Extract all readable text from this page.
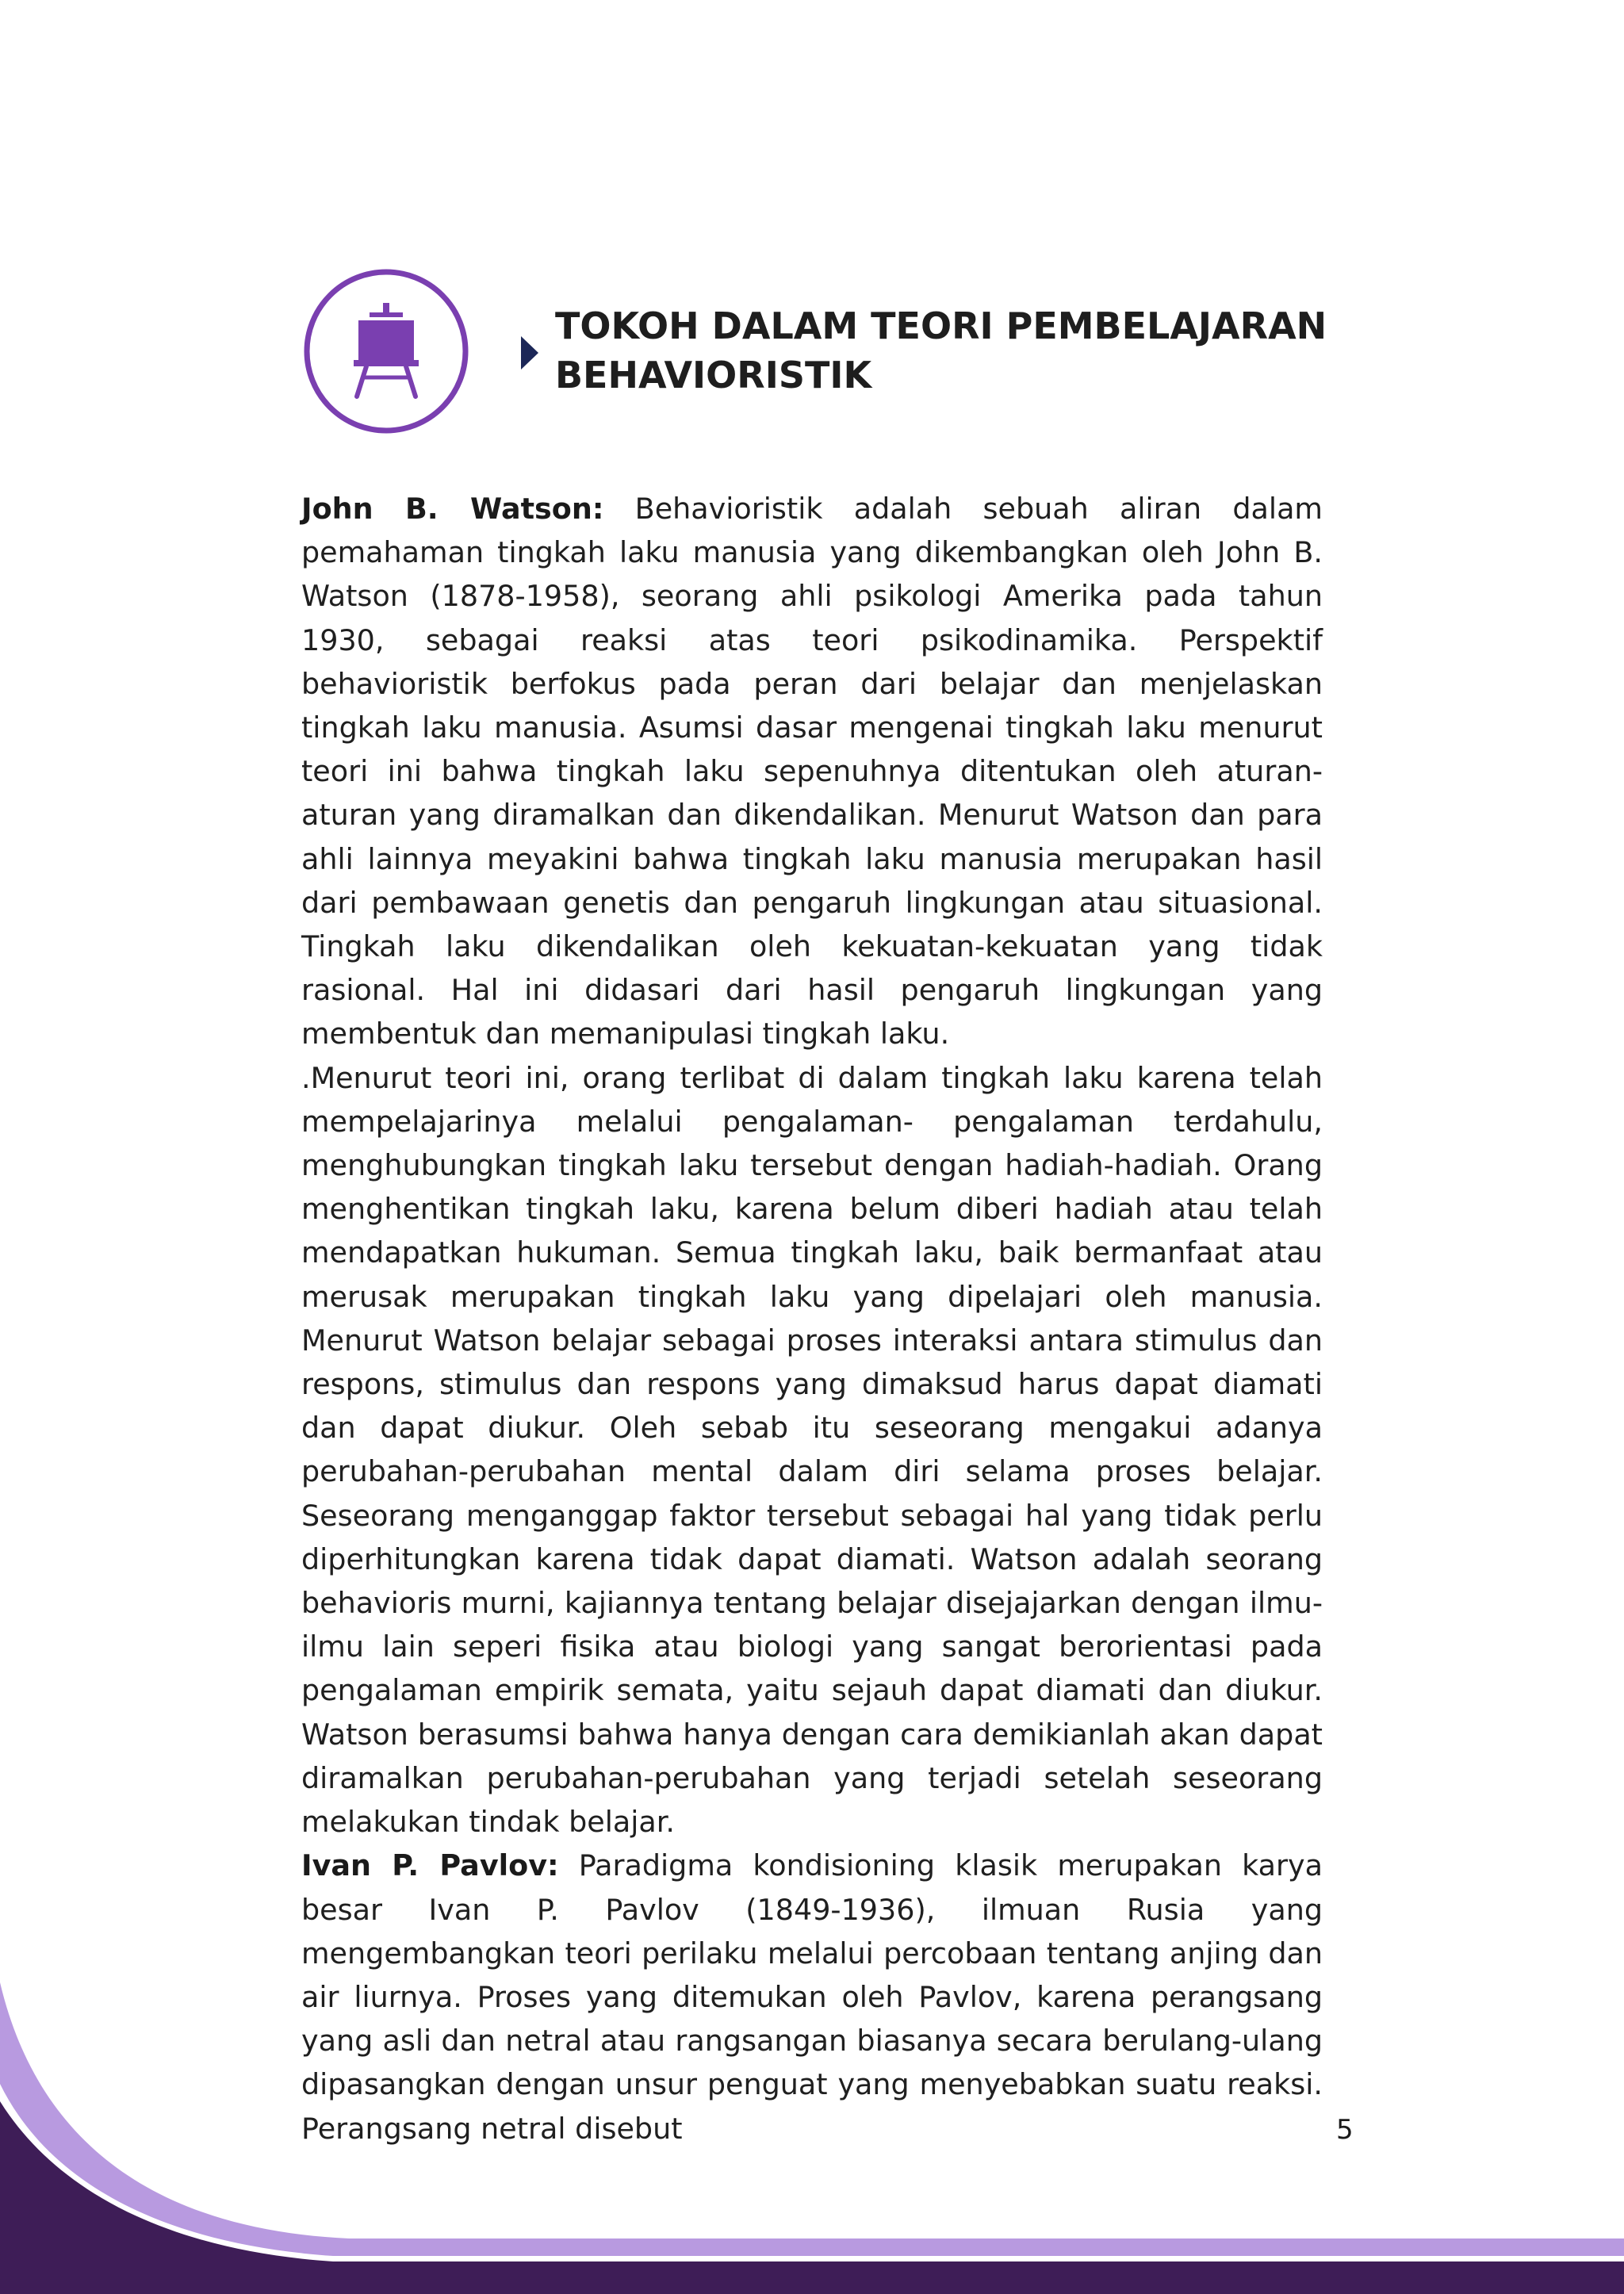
TOKOH DALAM TEORI PEMBELAJARAN
BEHAVIORISTIK

John B. Watson: Behavioristik adalah sebuah aliran dalam pemahaman tingkah laku manusia yang dikembangkan oleh John B. Watson (1878-1958), seorang ahli psikologi Amerika pada tahun 1930, sebagai reaksi atas teori psikodinamika. Perspektif behavioristik berfokus pada peran dari belajar dan menjelaskan tingkah laku manusia. Asumsi dasar mengenai tingkah laku menurut teori ini bahwa tingkah laku sepenuhnya ditentukan oleh aturan-aturan yang diramalkan dan dikendalikan. Menurut Watson dan para ahli lainnya meyakini bahwa tingkah laku manusia merupakan hasil dari pembawaan genetis dan pengaruh lingkungan atau situasional. Tingkah laku dikendalikan oleh kekuatan-kekuatan yang tidak rasional. Hal ini didasari dari hasil pengaruh lingkungan yang membentuk dan memanipulasi tingkah laku.

.Menurut teori ini, orang terlibat di dalam tingkah laku karena telah mempelajarinya melalui pengalaman- pengalaman terdahulu, menghubungkan tingkah laku tersebut dengan hadiah-hadiah. Orang menghentikan tingkah laku, karena belum diberi hadiah atau telah mendapatkan hukuman. Semua tingkah laku, baik bermanfaat atau merusak merupakan tingkah laku yang dipelajari oleh manusia. Menurut Watson belajar sebagai proses interaksi antara stimulus dan respons, stimulus dan respons yang dimaksud harus dapat diamati dan dapat diukur. Oleh sebab itu seseorang mengakui adanya perubahan-perubahan mental dalam diri selama proses belajar. Seseorang menganggap faktor tersebut sebagai hal yang tidak perlu diperhitungkan karena tidak dapat diamati. Watson adalah seorang behavioris murni, kajiannya tentang belajar disejajarkan dengan ilmu- ilmu lain seperi fisika atau biologi yang sangat berorientasi pada pengalaman empirik semata, yaitu sejauh dapat diamati dan diukur. Watson berasumsi bahwa hanya dengan cara demikianlah akan dapat diramalkan perubahan-perubahan yang terjadi setelah seseorang melakukan tindak belajar.

Ivan P. Pavlov: Paradigma kondisioning klasik merupakan karya besar Ivan P. Pavlov (1849-1936), ilmuan Rusia yang mengembangkan teori perilaku melalui percobaan tentang anjing dan air liurnya. Proses yang ditemukan oleh Pavlov, karena perangsang yang asli dan netral atau rangsangan biasanya secara berulang-ulang dipasangkan dengan unsur penguat yang menyebabkan suatu reaksi. Perangsang netral disebut	5
